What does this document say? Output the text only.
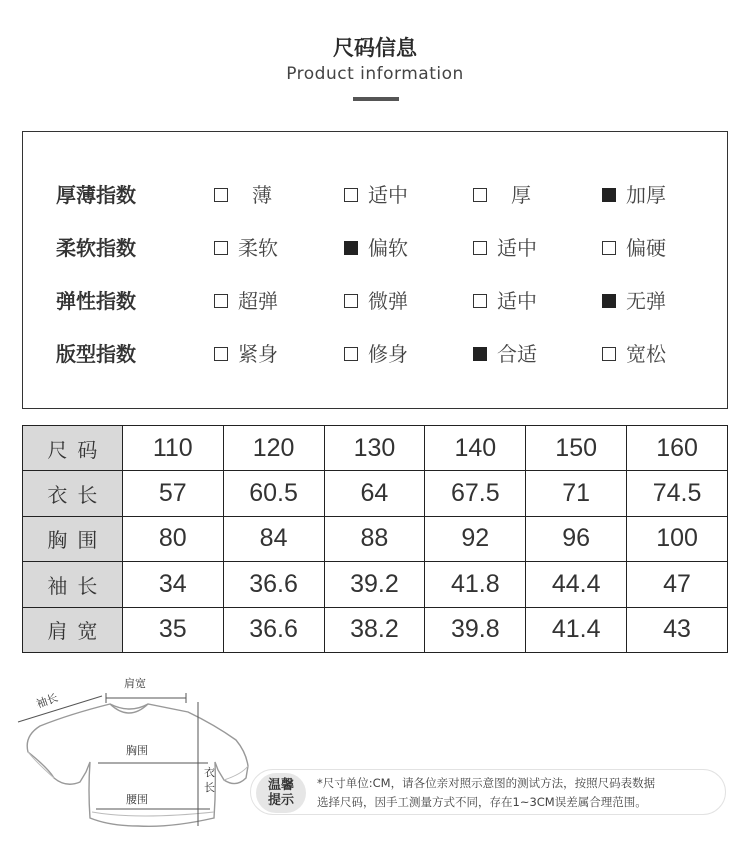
尺码信息
Product information
厚薄指数	薄	适中	厚	加厚
柔软指数	柔软	偏软	适中	偏硬
弹性指数	超弹	微弹	适中	无弹
版型指数	紧身	修身	合适	宽松
尺码	110	120	130	140	150	160
衣长	57	60.5	64	67.5	71	74.5
胸围	80	84	88	92	96	100
袖长	34	36.6	39.2	41.8	44.4	47
肩宽	35	36.6	38.2	39.8	41.4	43
肩宽
袖长
胸围
腰围
衣
长	温馨
提示
*尺寸单位:CM，请各位亲对照示意图的测试方法，按照尺码表数据
选择尺码，因手工测量方式不同，存在1~3CM误差属合理范围。
